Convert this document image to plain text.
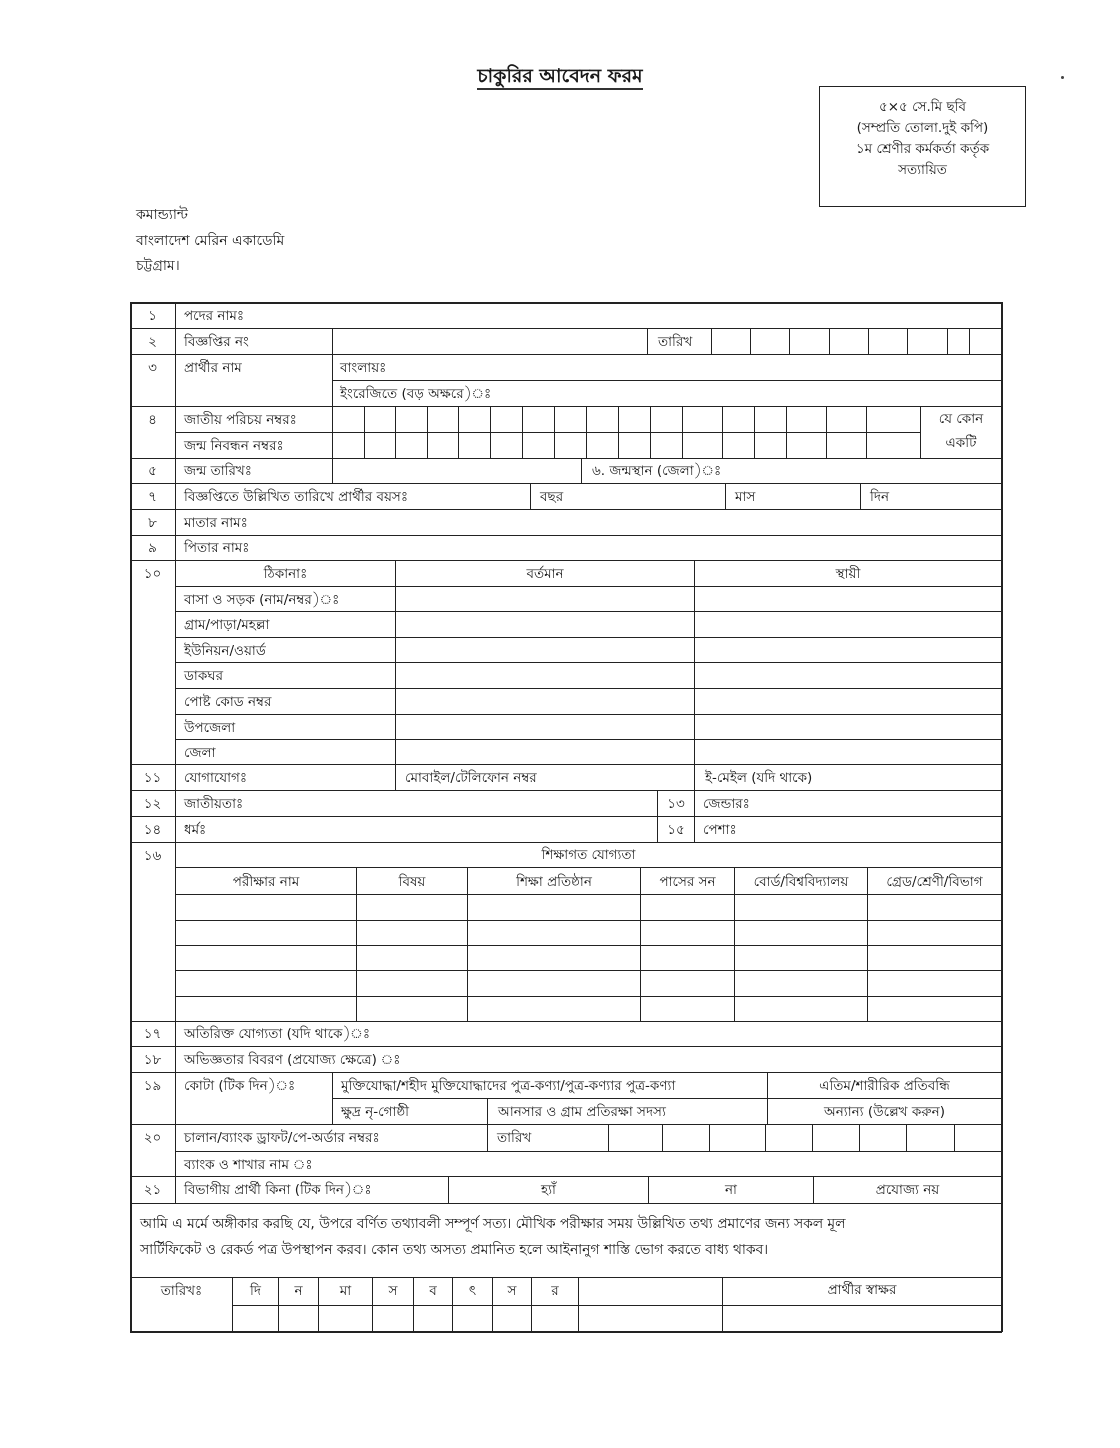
চাকুরির আবেদন ফরম
৫×৫ সে.মি ছবি
(সম্প্রতি তোলা.দুই কপি)
১ম শ্রেণীর কর্মকর্তা কর্তৃক
সত্যায়িত
কমান্ড্যান্ট
বাংলাদেশ মেরিন একাডেমি
চট্টগ্রাম।
১	পদের নামঃ
২	বিজ্ঞপ্তির নং	তারিখ
৩	প্রার্থীর নাম	বাংলায়ঃ
ইংরেজিতে (বড় অক্ষরে)ঃ
৪	জাতীয় পরিচয় নম্বরঃ
জন্ম নিবন্ধন নম্বরঃ
যে কোন
একটি
৫	জন্ম তারিখঃ	৬. জন্মস্থান (জেলা)ঃ
৭	বিজ্ঞপ্তিতে উল্লিখিত তারিখে প্রার্থীর বয়সঃ	বছর	মাস	দিন
৮	মাতার নামঃ
৯	পিতার নামঃ
১০	ঠিকানাঃ	বর্তমান	স্থায়ী
বাসা ও সড়ক (নাম/নম্বর)ঃ
গ্রাম/পাড়া/মহল্লা
ইউনিয়ন/ওয়ার্ড
ডাকঘর
পোষ্ট কোড নম্বর
উপজেলা
জেলা
১১	যোগাযোগঃ	মোবাইল/টেলিফোন নম্বর	ই-মেইল (যদি থাকে)
১২	জাতীয়তাঃ	১৩	জেন্ডারঃ
১৪	ধর্মঃ	১৫	পেশাঃ
১৬	শিক্ষাগত যোগ্যতা
পরীক্ষার নাম	বিষয়	শিক্ষা প্রতিষ্ঠান	পাসের সন	বোর্ড/বিশ্ববিদ্যালয়	গ্রেড/শ্রেণী/বিভাগ
১৭	অতিরিক্ত যোগ্যতা (যদি থাকে)ঃ
১৮	অভিজ্ঞতার বিবরণ (প্রযোজ্য ক্ষেত্রে) ঃ
১৯	কোটা (টিক দিন)ঃ	মুক্তিযোদ্ধা/শহীদ মুক্তিযোদ্ধাদের পুত্র-কণ্যা/পুত্র-কণ্যার পুত্র-কণ্যা	এতিম/শারীরিক প্রতিবন্ধি
ক্ষুদ্র নৃ-গোষ্ঠী	আনসার ও গ্রাম প্রতিরক্ষা সদস্য	অন্যান্য (উল্লেখ করুন)
২০	চালান/ব্যাংক ড্রাফট/পে-অর্ডার নম্বরঃ	তারিখ
ব্যাংক ও শাখার নাম ঃ
২১	বিভাগীয় প্রার্থী কিনা (টিক দিন)ঃ	হ্যাঁ	না	প্রযোজ্য নয়
আমি এ মর্মে অঙ্গীকার করছি যে, উপরে বর্ণিত তথ্যাবলী সম্পূর্ণ সত্য। মৌখিক পরীক্ষার সময় উল্লিখিত তথ্য প্রমাণের জন্য সকল মূল
সার্টিফিকেট ও রেকর্ড পত্র উপস্থাপন করব। কোন তথ্য অসত্য প্রমানিত হলে আইনানুগ শাস্তি ভোগ করতে বাধ্য থাকব।
তারিখঃ	দি	ন	মা	স	ব	ৎ	স	র	প্রার্থীর স্বাক্ষর
